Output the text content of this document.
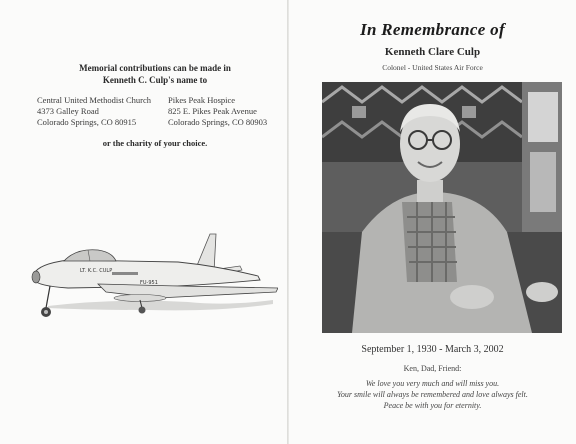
Memorial contributions can be made in
Kenneth C. Culp's name to
Central United Methodist Church
4373 Galley Road
Colorado Springs, CO 80915
Pikes Peak Hospice
825 E. Pikes Peak Avenue
Colorado Springs, CO 80903
or the charity of your choice.
LT. K.C. CULP
FU-951
In Remembrance of
Kenneth Clare Culp
Colonel - United States Air Force
September 1, 1930 - March 3, 2002
Ken, Dad, Friend:
We love you very much and will miss you.
Your smile will always be remembered and love always felt.
Peace be with you for eternity.
